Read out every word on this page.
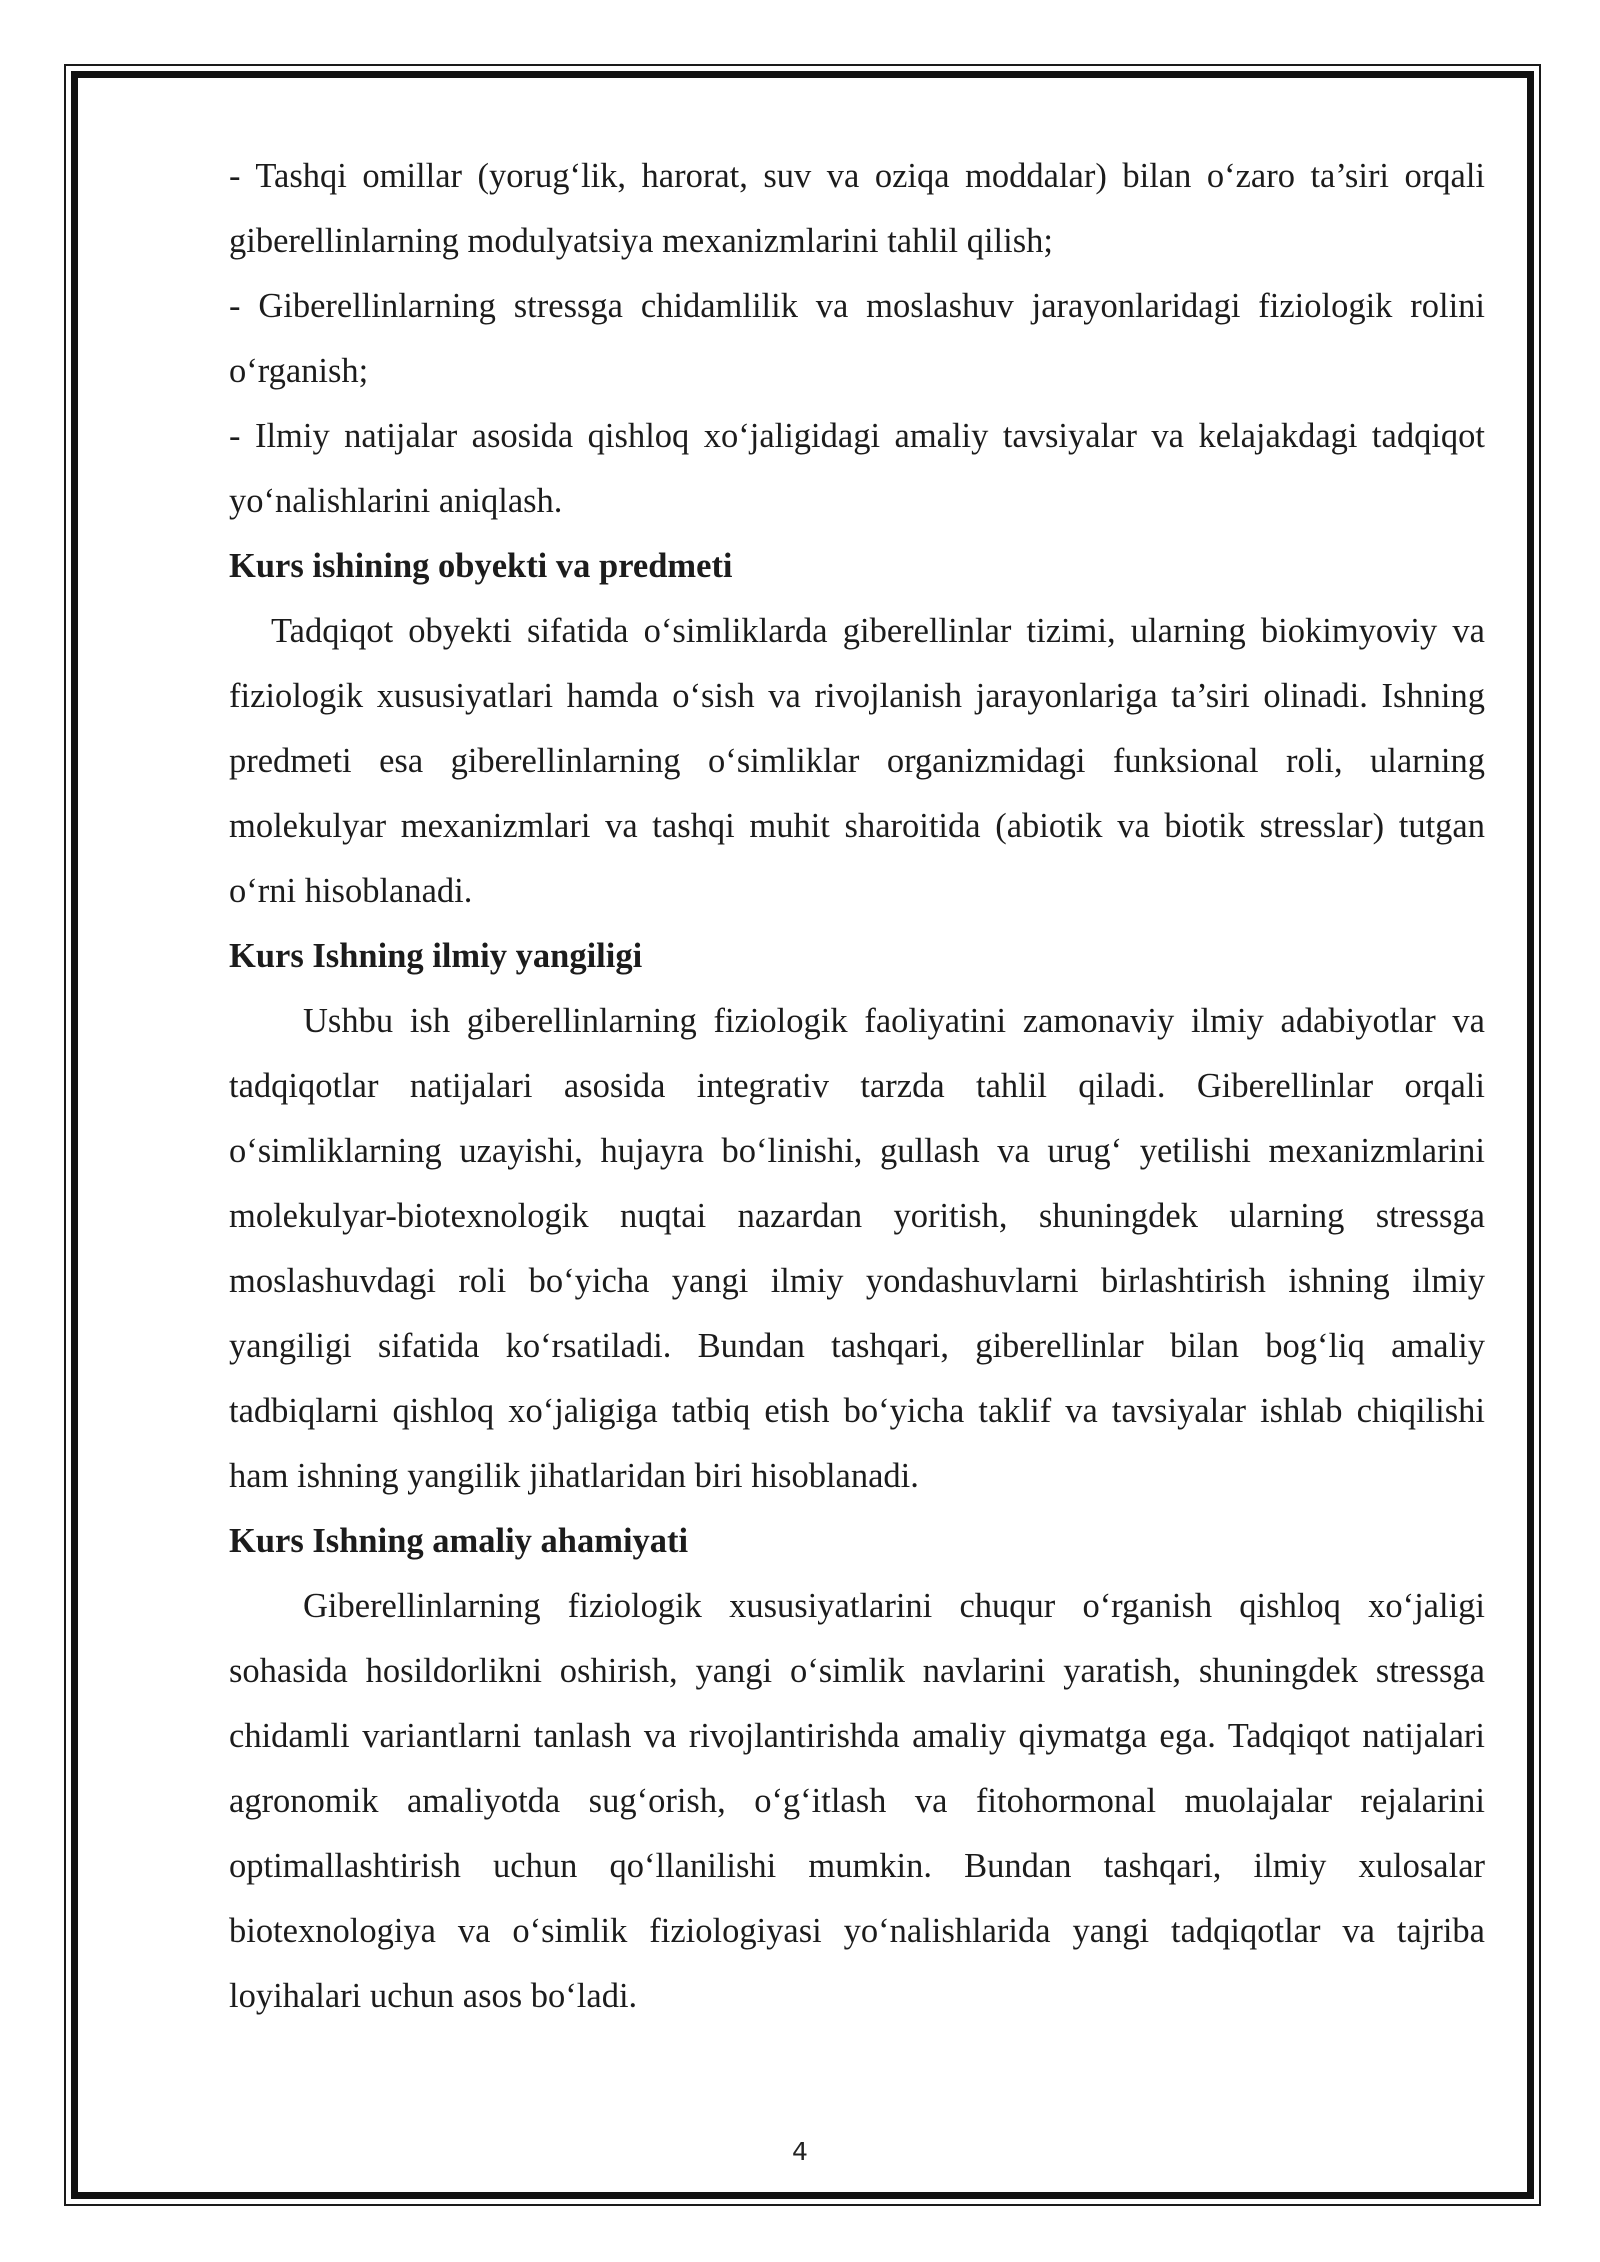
- Tashqi omillar (yorug‘lik, harorat, suv va oziqa moddalar) bilan o‘zaro ta’siri orqali giberellinlarning modulyatsiya mexanizmlarini tahlil qilish;

- Giberellinlarning stressga chidamlilik va moslashuv jarayonlaridagi fiziologik rolini o‘rganish;

- Ilmiy natijalar asosida qishloq xo‘jaligidagi amaliy tavsiyalar va kelajakdagi tadqiqot yo‘nalishlarini aniqlash.

Kurs ishining obyekti va predmeti

Tadqiqot obyekti sifatida o‘simliklarda giberellinlar tizimi, ularning biokimyoviy va fiziologik xususiyatlari hamda o‘sish va rivojlanish jarayonlariga ta’siri olinadi. Ishning predmeti esa giberellinlarning o‘simliklar organizmidagi funksional roli, ularning molekulyar mexanizmlari va tashqi muhit sharoitida (abiotik va biotik stresslar) tutgan o‘rni hisoblanadi.

Kurs Ishning ilmiy yangiligi

Ushbu ish giberellinlarning fiziologik faoliyatini zamonaviy ilmiy adabiyotlar va tadqiqotlar natijalari asosida integrativ tarzda tahlil qiladi. Giberellinlar orqali o‘simliklarning uzayishi, hujayra bo‘linishi, gullash va urug‘ yetilishi mexanizmlarini molekulyar-biotexnologik nuqtai nazardan yoritish, shuningdek ularning stressga moslashuvdagi roli bo‘yicha yangi ilmiy yondashuvlarni birlashtirish ishning ilmiy yangiligi sifatida ko‘rsatiladi. Bundan tashqari, giberellinlar bilan bog‘liq amaliy tadbiqlarni qishloq xo‘jaligiga tatbiq etish bo‘yicha taklif va tavsiyalar ishlab chiqilishi ham ishning yangilik jihatlaridan biri hisoblanadi.

Kurs Ishning amaliy ahamiyati

Giberellinlarning fiziologik xususiyatlarini chuqur o‘rganish qishloq xo‘jaligi sohasida hosildorlikni oshirish, yangi o‘simlik navlarini yaratish, shuningdek stressga chidamli variantlarni tanlash va rivojlantirishda amaliy qiymatga ega. Tadqiqot natijalari agronomik amaliyotda sug‘orish, o‘g‘itlash va fitohormonal muolajalar rejalarini optimallashtirish uchun qo‘llanilishi mumkin. Bundan tashqari, ilmiy xulosalar biotexnologiya va o‘simlik fiziologiyasi yo‘nalishlarida yangi tadqiqotlar va tajriba loyihalari uchun asos bo‘ladi.

4
